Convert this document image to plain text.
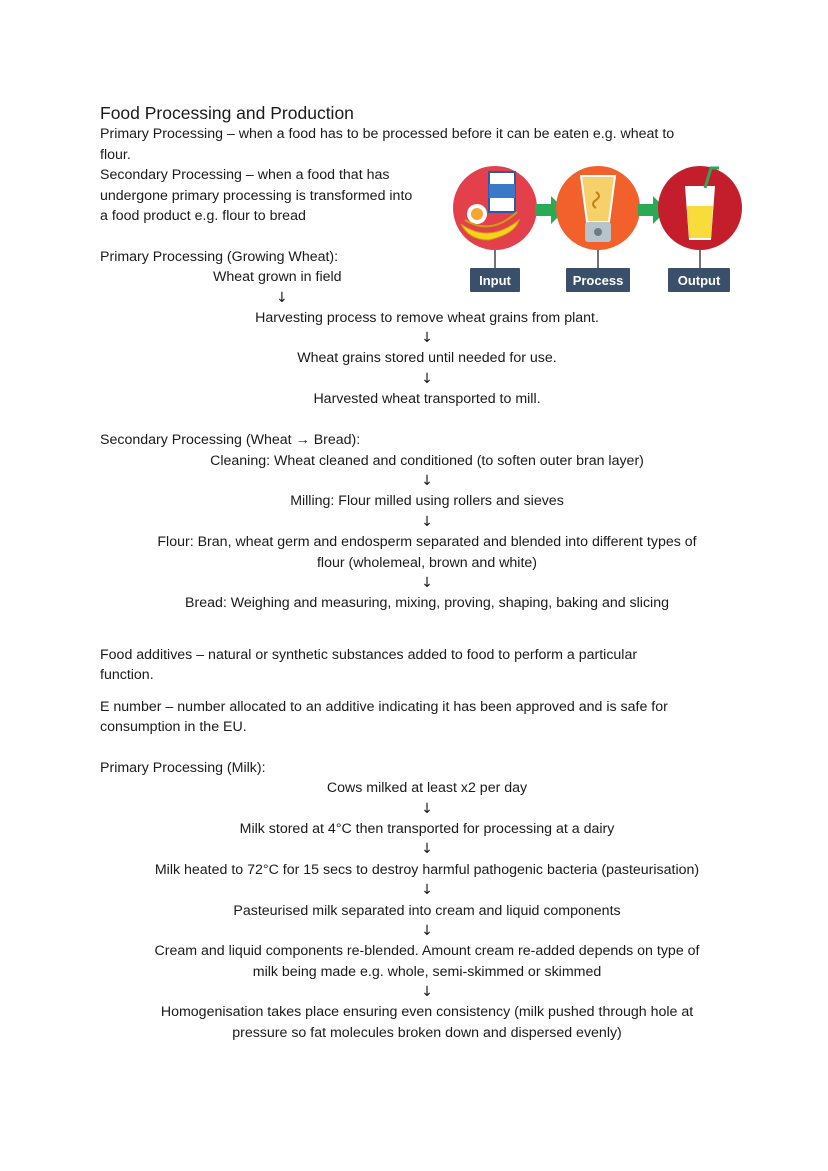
Food Processing and Production
Primary Processing – when a food has to be processed before it can be eaten e.g. wheat to
flour.
Secondary Processing – when a food that has
undergone primary processing is transformed into
a food product e.g. flour to bread
Input	Process	Output
Primary Processing (Growing Wheat):
Wheat grown in field
↓
Harvesting process to remove wheat grains from plant.
↓
Wheat grains stored until needed for use.
↓
Harvested wheat transported to mill.
Secondary Processing (Wheat → Bread):
Cleaning: Wheat cleaned and conditioned (to soften outer bran layer)
↓
Milling: Flour milled using rollers and sieves
↓
Flour: Bran, wheat germ and endosperm separated and blended into different types of
flour (wholemeal, brown and white)
↓
Bread: Weighing and measuring, mixing, proving, shaping, baking and slicing
Food additives – natural or synthetic substances added to food to perform a particular
function.
E number – number allocated to an additive indicating it has been approved and is safe for
consumption in the EU.
Primary Processing (Milk):
Cows milked at least x2 per day
↓
Milk stored at 4°C then transported for processing at a dairy
↓
Milk heated to 72°C for 15 secs to destroy harmful pathogenic bacteria (pasteurisation)
↓
Pasteurised milk separated into cream and liquid components
↓
Cream and liquid components re-blended. Amount cream re-added depends on type of
milk being made e.g. whole, semi-skimmed or skimmed
↓
Homogenisation takes place ensuring even consistency (milk pushed through hole at
pressure so fat molecules broken down and dispersed evenly)
